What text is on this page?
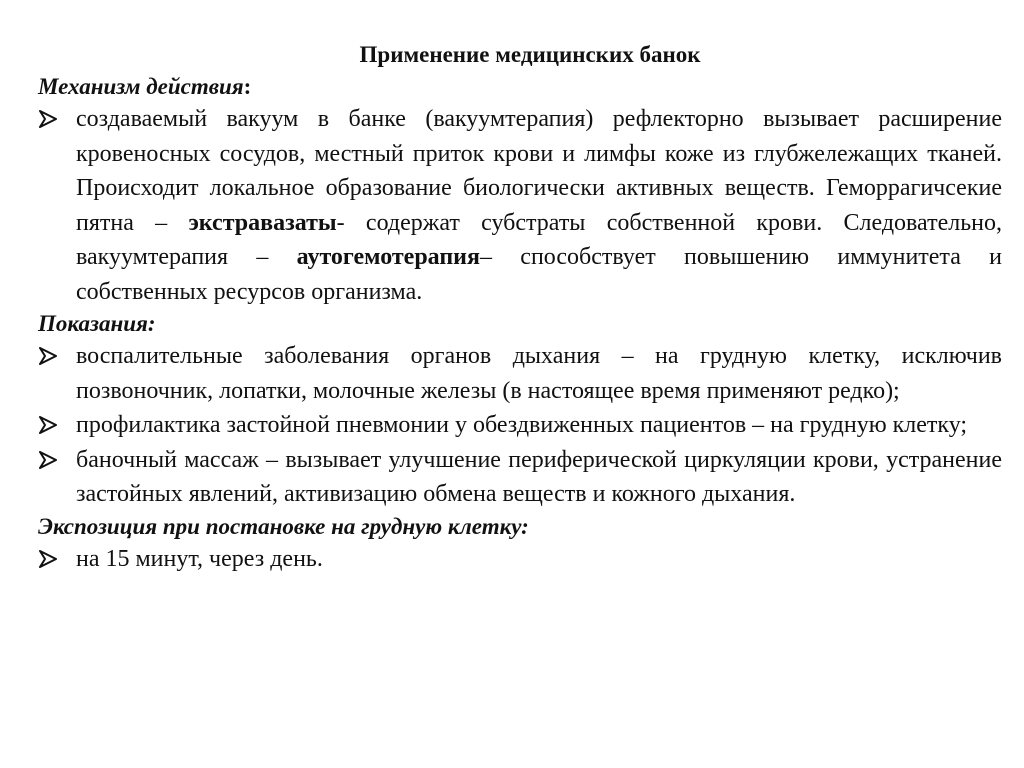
Применение медицинских банок
Механизм действия:
создаваемый вакуум в банке (вакуумтерапия) рефлекторно вызывает расширение кровеносных сосудов, местный приток крови и лимфы коже из глубжележащих тканей. Происходит локальное образование биологически активных веществ. Геморрагичсекие пятна – экстравазаты- содержат субстраты собственной крови. Следовательно, вакуумтерапия – аутогемотерапия– способствует повышению иммунитета и собственных ресурсов организма.
Показания:
воспалительные заболевания органов дыхания – на грудную клетку, исключив позвоночник, лопатки, молочные железы (в настоящее время применяют редко);
профилактика застойной пневмонии у обездвиженных пациентов – на грудную клетку;
баночный массаж – вызывает улучшение периферической циркуляции крови, устранение застойных явлений, активизацию обмена веществ и кожного дыхания.
Экспозиция при постановке на грудную клетку:
на 15 минут, через день.
